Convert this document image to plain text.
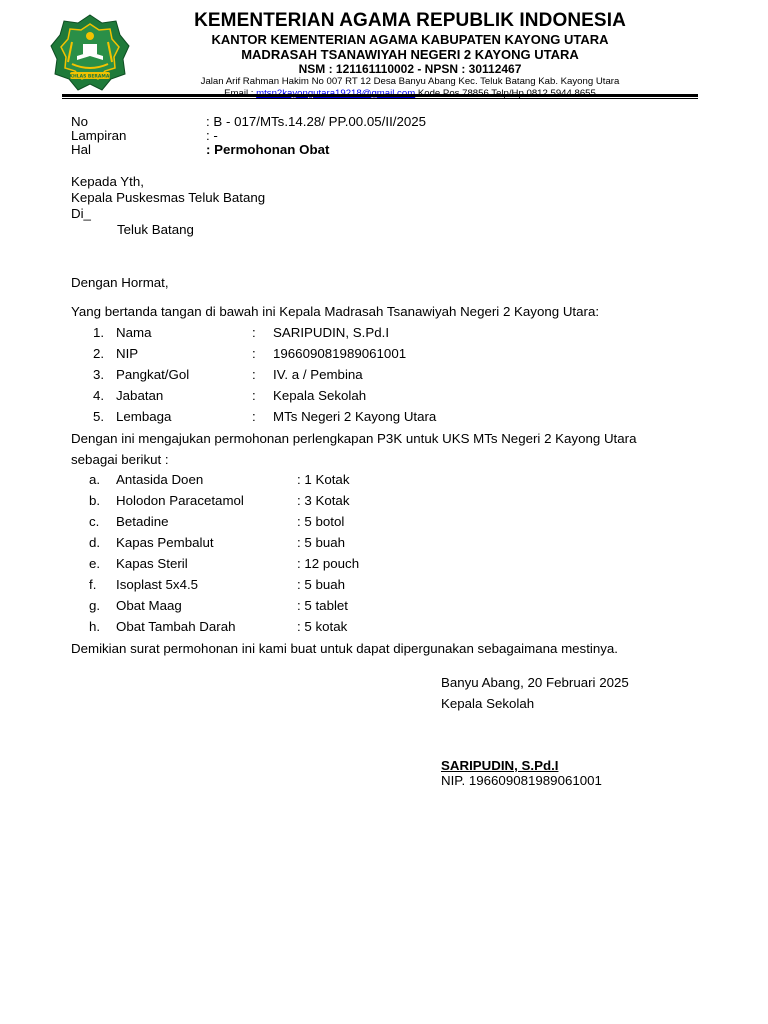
IKHLAS BERAMAL
KEMENTERIAN AGAMA REPUBLIK INDONESIA
KANTOR KEMENTERIAN AGAMA KABUPATEN KAYONG UTARA
MADRASAH TSANAWIYAH NEGERI 2 KAYONG UTARA
NSM : 121161110002 - NPSN : 30112467
Jalan Arif Rahman Hakim No 007 RT 12 Desa Banyu Abang Kec. Teluk Batang Kab. Kayong Utara
No	: B - 017/MTs.14.28/ PP.00.05/II/2025
Lampiran	: -
Hal	: Permohonan Obat
Kepada Yth,
Kepala Puskesmas Teluk Batang
Di_
Teluk Batang
Dengan Hormat,
Yang bertanda tangan di bawah ini Kepala Madrasah Tsanawiyah Negeri 2 Kayong Utara:
1. Nama	: SARIPUDIN, S.Pd.I
2. NIP	: 196609081989061001
3. Pangkat/Gol	: IV. a / Pembina
4. Jabatan	: Kepala Sekolah
5. Lembaga	: MTs Negeri 2 Kayong Utara
Dengan ini mengajukan permohonan perlengkapan P3K untuk UKS MTs Negeri 2 Kayong Utara
sebagai berikut :
a. Antasida Doen	: 1 Kotak
b. Holodon Paracetamol	: 3 Kotak
c. Betadine	: 5 botol
d. Kapas Pembalut	: 5 buah
e. Kapas Steril	: 12 pouch
f. Isoplast 5x4.5	: 5 buah
g. Obat Maag	: 5 tablet
h. Obat Tambah Darah	: 5 kotak
Demikian surat permohonan ini kami buat untuk dapat dipergunakan sebagaimana mestinya.
Banyu Abang, 20 Februari 2025
Kepala Sekolah
SARIPUDIN, S.Pd.I
NIP. 196609081989061001
